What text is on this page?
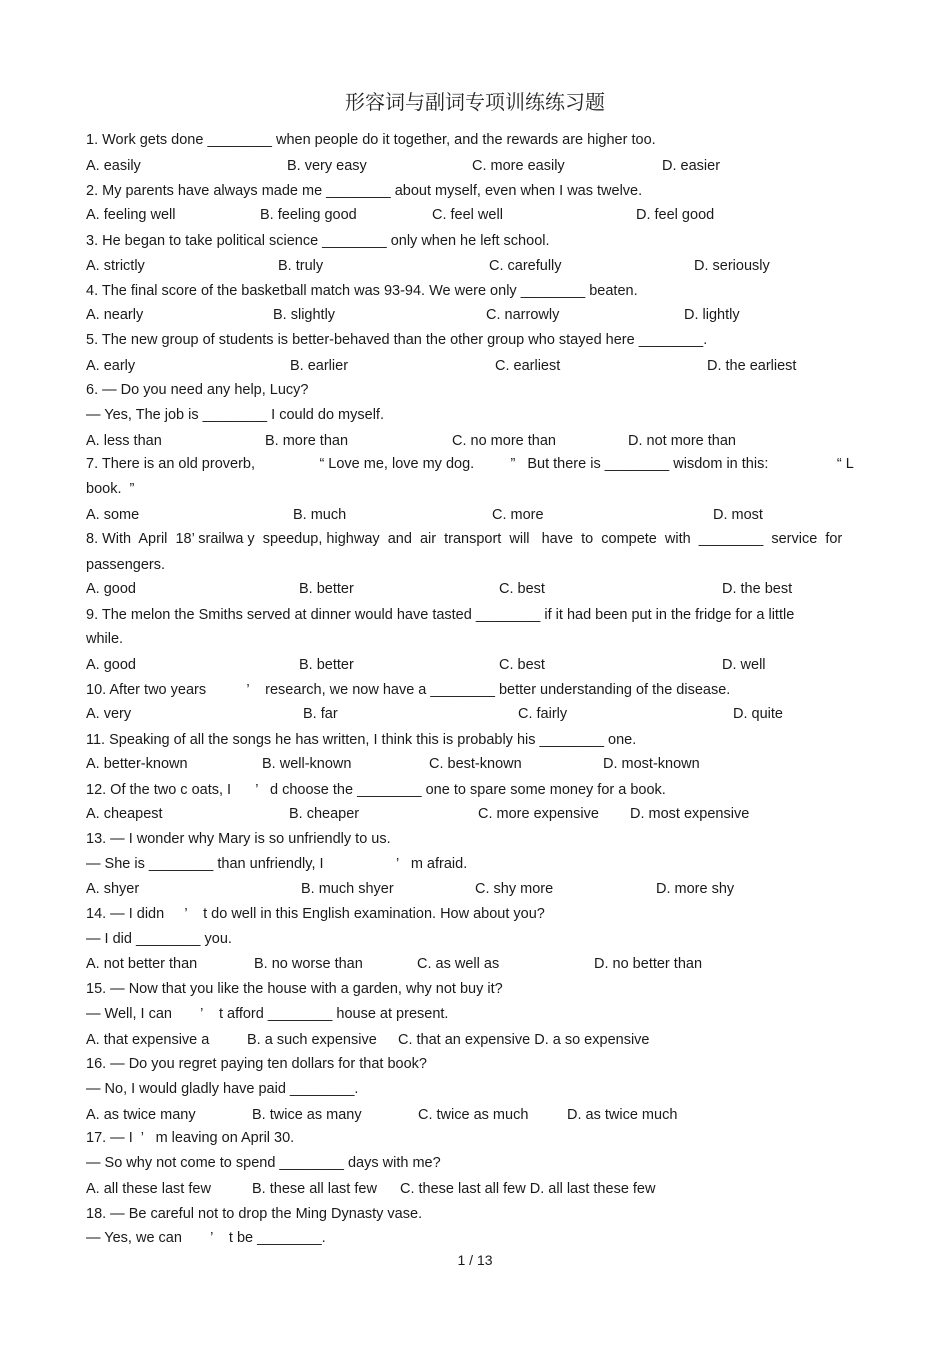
形容词与副词专项训练练习题
1. Work gets done ________ when people do it together, and the rewards are higher too.
2. My parents have always made me ________ about myself, even when I was twelve.
3. He began to take political science ________ only when he left school.
4. The final score of the basketball match was 93-94. We were only ________ beaten.
5. The new group of students is better-behaved than the other group who stayed here ________.
6. — Do you need any help, Lucy?
— Yes, The job is ________ I could do myself.
7. There is an old proverb,                “ Love me, love my dog.         ”   But there is ________ wisdom in this:                 “ L
book.  ”
8. With  April  18’ srailwa y  speedup, highway  and  air  transport  will   have  to  compete  with  ________  service  for
passengers.
9. The melon the Smiths served at dinner would have tasted ________ if it had been put in the fridge for a little
while.
10. After two years          ’    research, we now have a ________ better understanding of the disease.
11. Speaking of all the songs he has written, I think this is probably his ________ one.
12. Of the two c oats, I      ’   d choose the ________ one to spare some money for a book.
13. — I wonder why Mary is so unfriendly to us.
— She is ________ than unfriendly, I                  ’   m afraid.
14. — I didn     ’    t do well in this English examination. How about you?
— I did ________ you.
15. — Now that you like the house with a garden, why not buy it?
— Well, I can       ’    t afford ________ house at present.
16. — Do you regret paying ten dollars for that book?
— No, I would gladly have paid ________.
17. — I  ’   m leaving on April 30.
— So why not come to spend ________ days with me?
18. — Be careful not to drop the Ming Dynasty vase.
— Yes, we can       ’    t be ________.
A. easily	B. very easy	C. more easily	D. easier
A. feeling well	B. feeling good	C. feel well	D. feel good
A. strictly	B. truly	C. carefully	D. seriously
A. nearly	B. slightly	C. narrowly	D. lightly
A. early	B. earlier	C. earliest	D. the earliest
A. less than	B. more than	C. no more than	D. not more than
A. some	B. much	C. more	D. most
A. good	B. better	C. best	D. the best
A. good	B. better	C. best	D. well
A. very	B. far	C. fairly	D. quite
A. better-known	B. well-known	C. best-known	D. most-known
A. cheapest	B. cheaper	C. more expensive D. most expensive
A. shyer	B. much shyer	C. shy more	D. more shy
A. not better than	B. no worse than	C. as well as	D. no better than
A. that expensive a	B. a such expensive C. that an expensive D. a so expensive
A. as twice many	B. twice as many	C. twice as much	D. as twice much
A. all these last few	B. these all last few C. these last all few D. all last these few
1 / 13
